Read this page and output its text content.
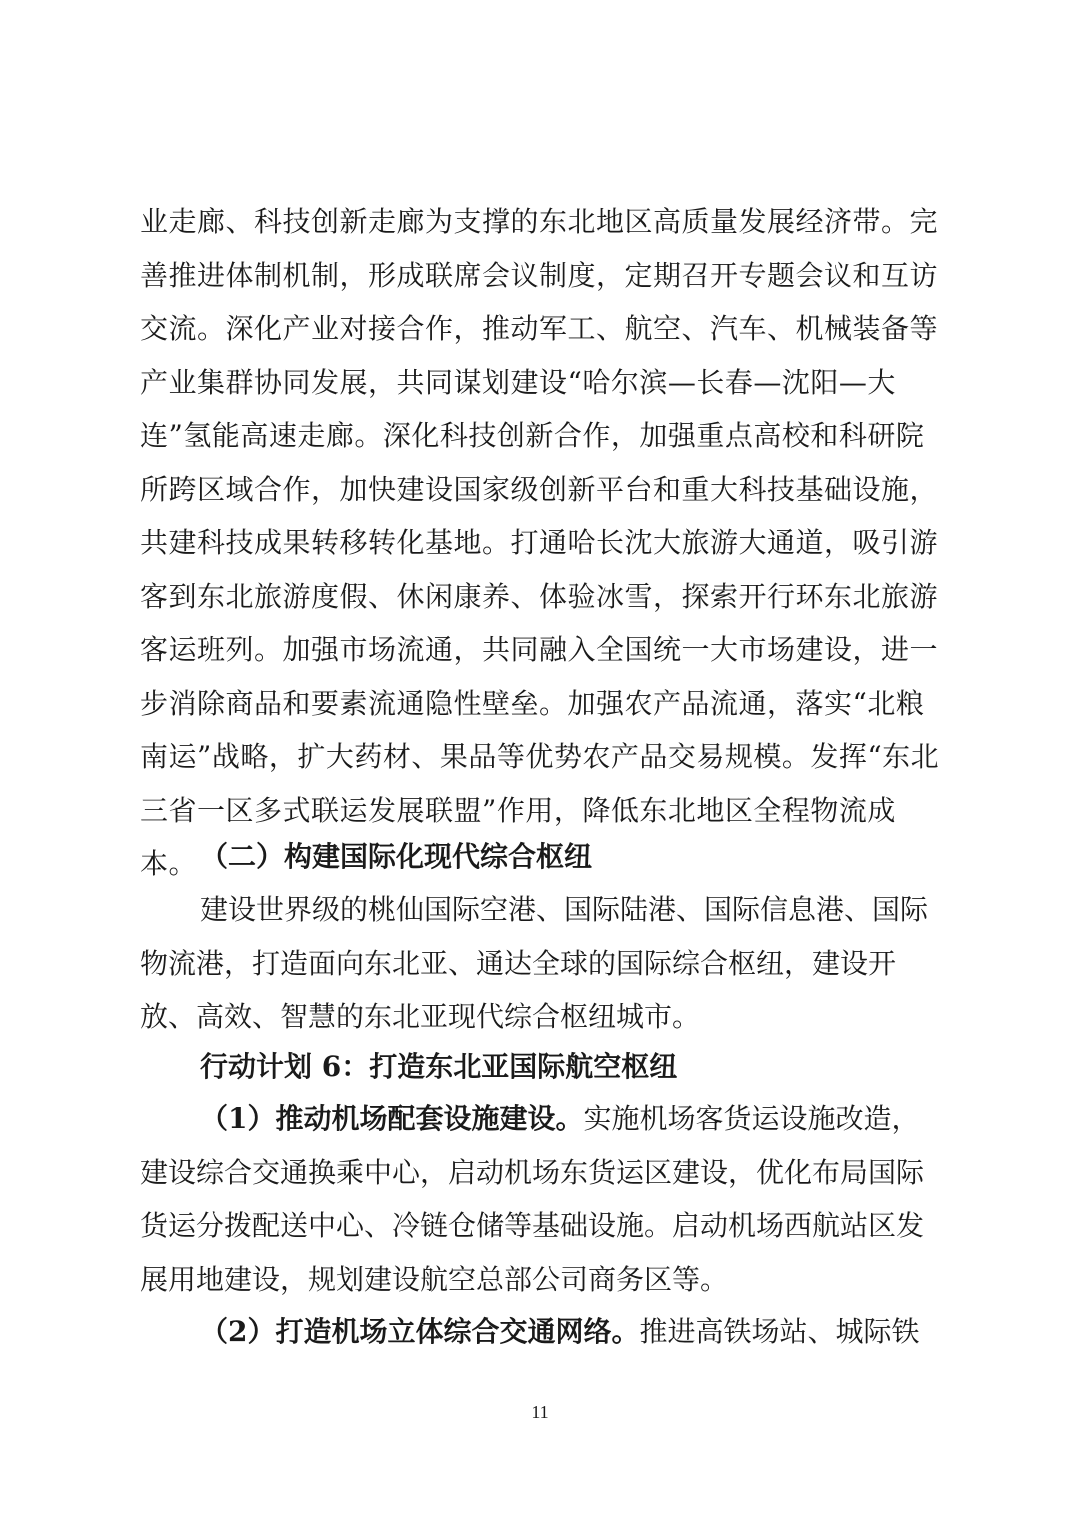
业走廊、科技创新走廊为支撑的东北地区高质量发展经济带。完善推进体制机制，形成联席会议制度，定期召开专题会议和互访交流。深化产业对接合作，推动军工、航空、汽车、机械装备等产业集群协同发展，共同谋划建设“哈尔滨—长春—沈阳—大连”氢能高速走廊。深化科技创新合作，加强重点高校和科研院所跨区域合作，加快建设国家级创新平台和重大科技基础设施，共建科技成果转移转化基地。打通哈长沈大旅游大通道，吸引游客到东北旅游度假、休闲康养、体验冰雪，探索开行环东北旅游客运班列。加强市场流通，共同融入全国统一大市场建设，进一步消除商品和要素流通隐性壁垒。加强农产品流通，落实“北粮南运”战略，扩大药材、果品等优势农产品交易规模。发挥“东北三省一区多式联运发展联盟”作用，降低东北地区全程物流成本。 （二）构建国际化现代综合枢纽
建设世界级的桃仙国际空港、国际陆港、国际信息港、国际物流港，打造面向东北亚、通达全球的国际综合枢纽，建设开放、高效、智慧的东北亚现代综合枢纽城市。
行动计划 6：打造东北亚国际航空枢纽
（1）推动机场配套设施建设。实施机场客货运设施改造，建设综合交通换乘中心，启动机场东货运区建设，优化布局国际货运分拨配送中心、冷链仓储等基础设施。启动机场西航站区发展用地建设，规划建设航空总部公司商务区等。
（2）打造机场立体综合交通网络。推进高铁场站、城际铁
11
